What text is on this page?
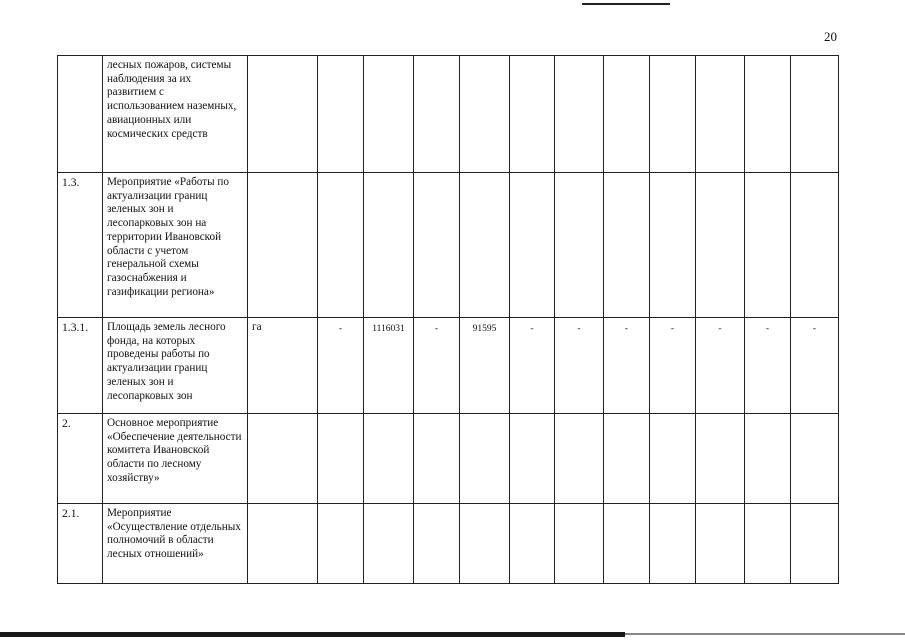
20
	лесных пожаров, системы наблюдения за их развитием с использованием наземных, авиационных или космических средств												
1.3.	Мероприятие «Работы по актуализации границ зеленых зон и лесопарковых зон на территории Ивановской области с учетом генеральной схемы газоснабжения и газификации региона»												
1.3.1.	Площадь земель лесного фонда, на которых проведены работы по актуализации границ зеленых зон и лесопарковых зон	га	-	1116031	-	91595	-	-	-	-	-	-	-
2.	Основное мероприятие «Обеспечение деятельности комитета Ивановской области по лесному хозяйству»												
2.1.	Мероприятие «Осуществление отдельных полномочий в области лесных отношений»												
